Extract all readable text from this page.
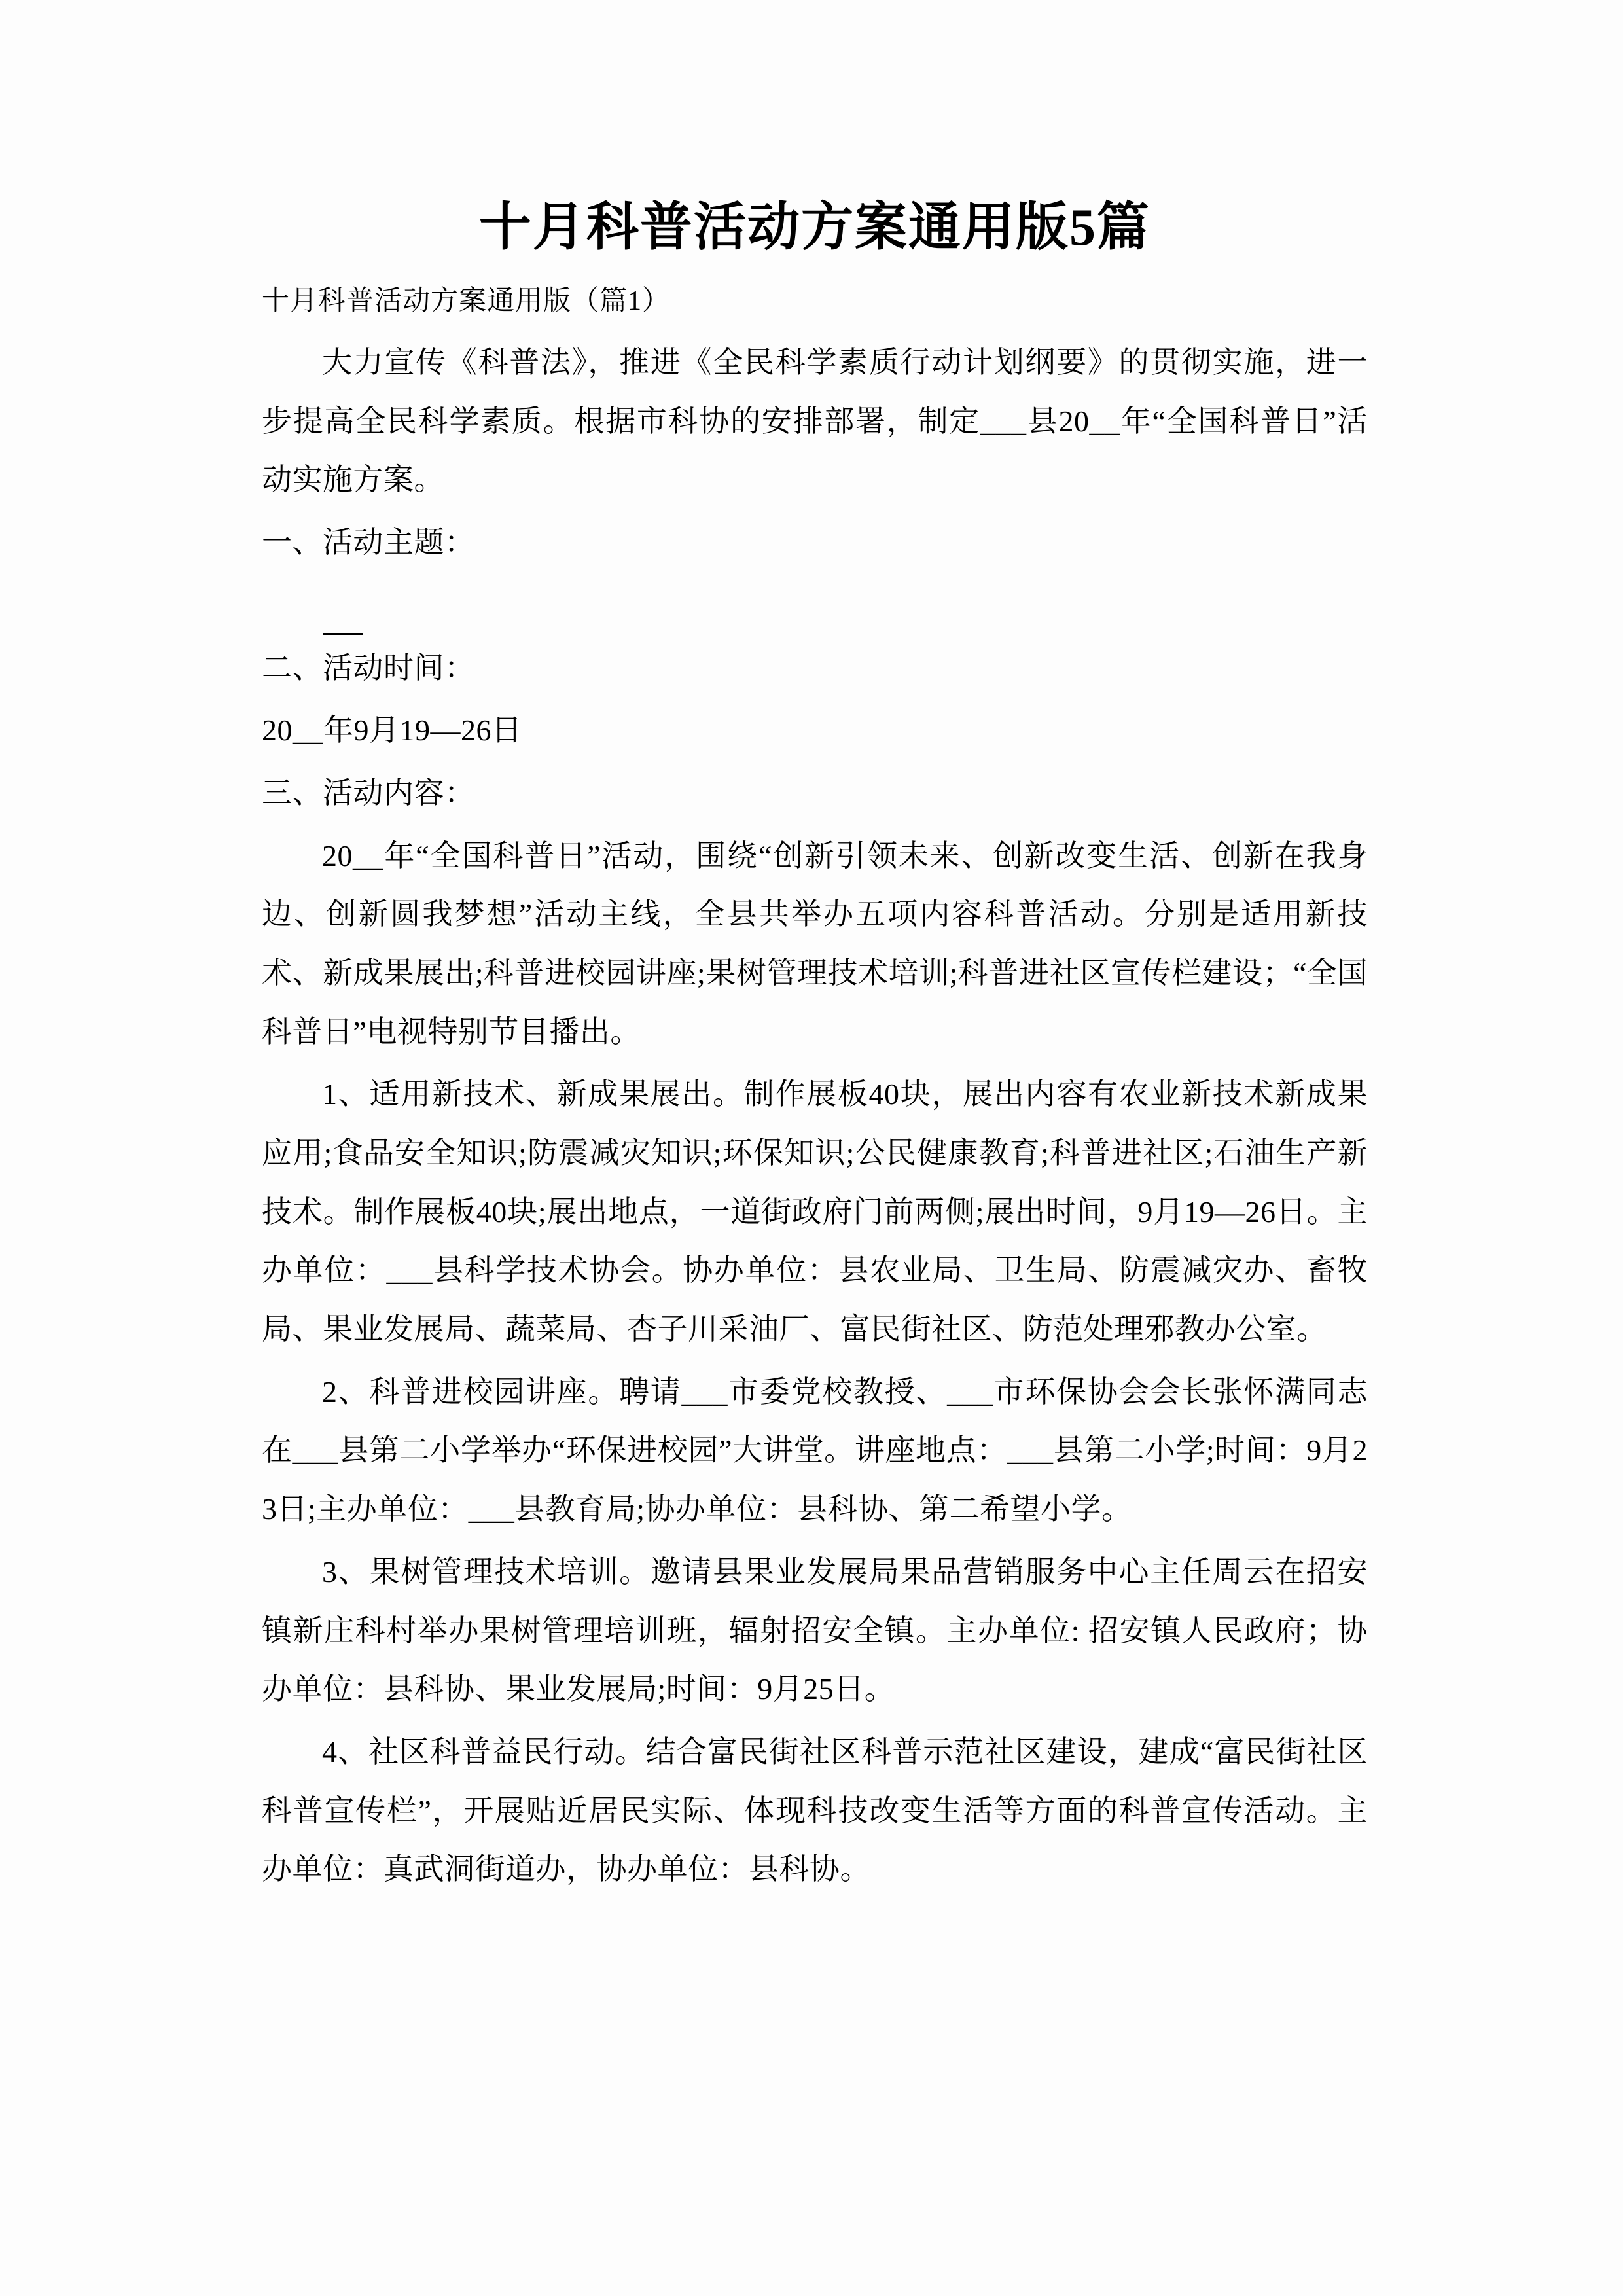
十月科普活动方案通用版5篇

十月科普活动方案通用版（篇1）

大力宣传《科普法》，推进《全民科学素质行动计划纲要》的贯彻实施，进一步提高全民科学素质。根据市科协的安排部署，制定___县20__年“全国科普日”活动实施方案。

一、活动主题：

二、活动时间：

20__年9月19—26日

三、活动内容：

20__年“全国科普日”活动，围绕“创新引领未来、创新改变生活、创新在我身边、创新圆我梦想”活动主线，全县共举办五项内容科普活动。分别是适用新技术、新成果展出;科普进校园讲座;果树管理技术培训;科普进社区宣传栏建设；“全国科普日”电视特别节目播出。

1、适用新技术、新成果展出。制作展板40块，展出内容有农业新技术新成果应用;食品安全知识;防震减灾知识;环保知识;公民健康教育;科普进社区;石油生产新技术。制作展板40块;展出地点，一道街政府门前两侧;展出时间，9月19—26日。主办单位：___县科学技术协会。协办单位：县农业局、卫生局、防震减灾办、畜牧局、果业发展局、蔬菜局、杏子川采油厂、富民街社区、防范处理邪教办公室。

2、科普进校园讲座。聘请___市委党校教授、___市环保协会会长张怀满同志在___县第二小学举办“环保进校园”大讲堂。讲座地点：___县第二小学;时间：9月23日;主办单位：___县教育局;协办单位：县科协、第二希望小学。

3、果树管理技术培训。邀请县果业发展局果品营销服务中心主任周云在招安镇新庄科村举办果树管理培训班，辐射招安全镇。主办单位: 招安镇人民政府；协办单位：县科协、果业发展局;时间：9月25日。

4、社区科普益民行动。结合富民街社区科普示范社区建设，建成“富民街社区科普宣传栏”，开展贴近居民实际、体现科技改变生活等方面的科普宣传活动。主办单位：真武洞街道办，协办单位：县科协。
